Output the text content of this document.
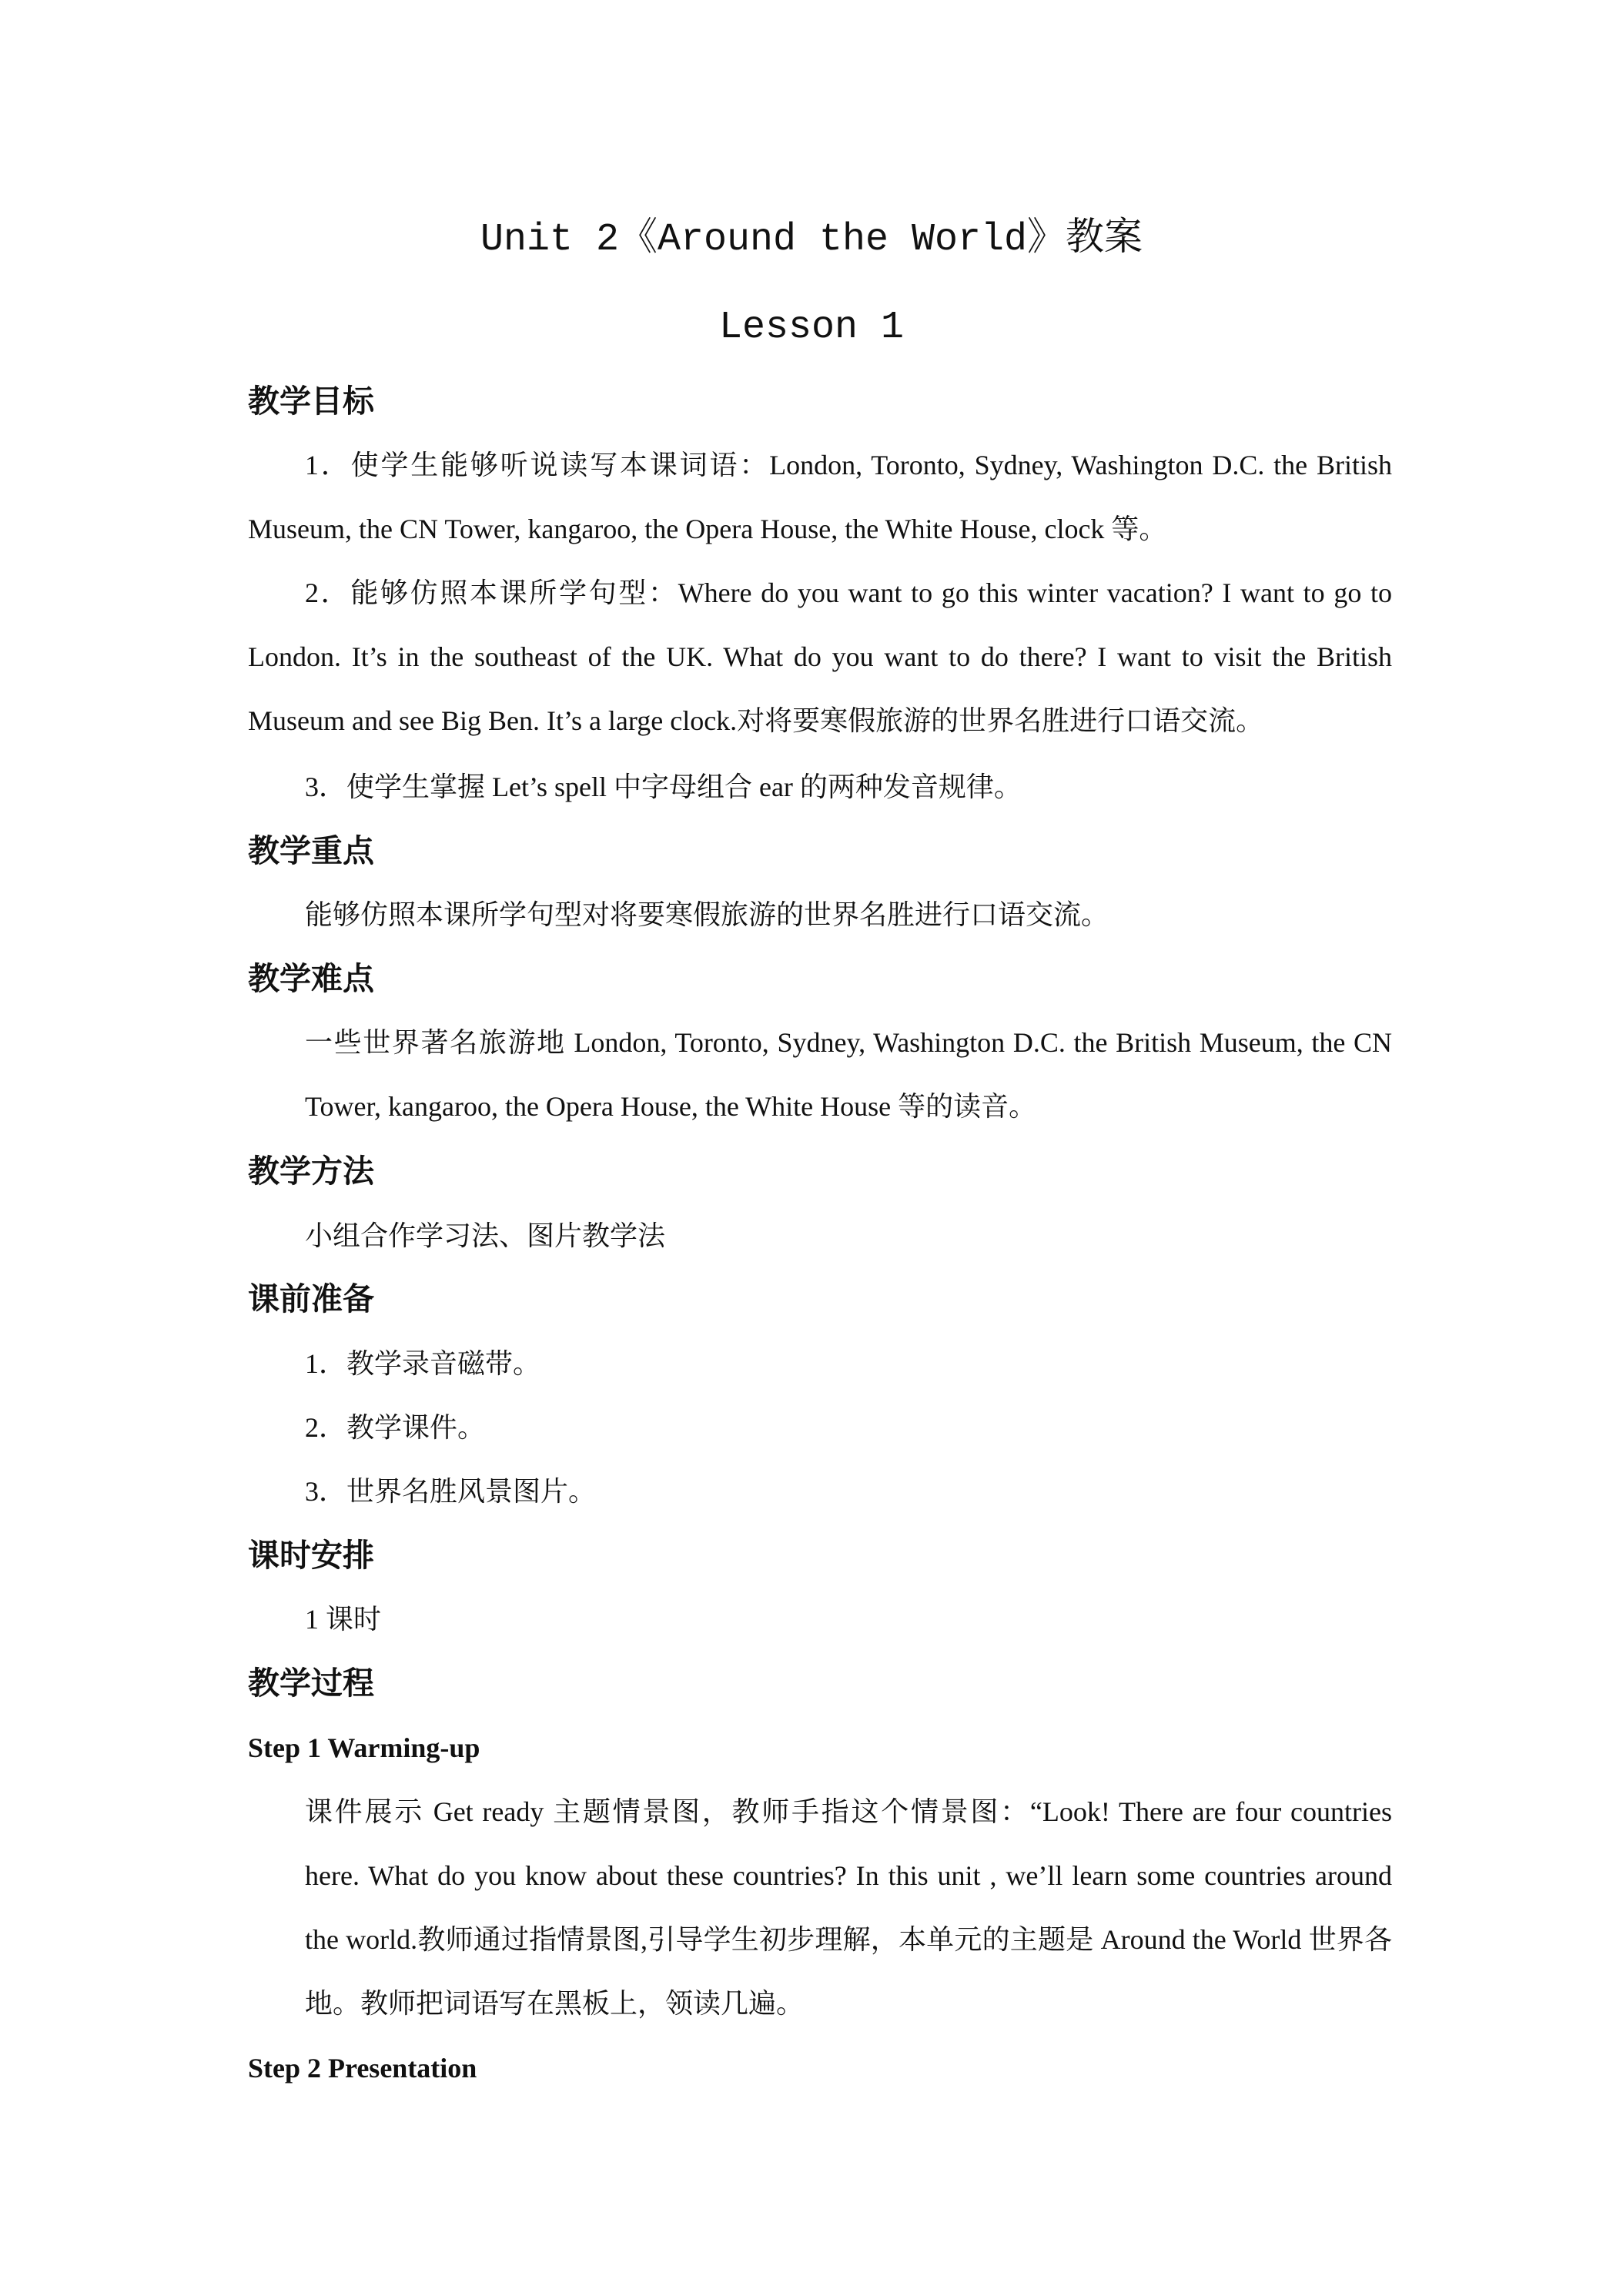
Unit 2《Around the World》教案
Lesson 1
教学目标
1．使学生能够听说读写本课词语：London, Toronto, Sydney, Washington D.C. the British Museum, the CN Tower, kangaroo, the Opera House, the White House, clock 等。
2．能够仿照本课所学句型：Where do you want to go this winter vacation? I want to go to London. It’s in the southeast of the UK. What do you want to do there? I want to visit the British Museum and see Big Ben. It’s a large clock.对将要寒假旅游的世界名胜进行口语交流。
3．使学生掌握 Let’s spell 中字母组合 ear 的两种发音规律。
教学重点
能够仿照本课所学句型对将要寒假旅游的世界名胜进行口语交流。
教学难点
一些世界著名旅游地 London, Toronto, Sydney, Washington D.C. the British Museum, the CN Tower, kangaroo, the Opera House, the White House 等的读音。
教学方法
小组合作学习法、图片教学法
课前准备
1．教学录音磁带。
2．教学课件。
3．世界名胜风景图片。
课时安排
1 课时
教学过程
Step 1 Warming-up
课件展示 Get ready 主题情景图，教师手指这个情景图：“Look! There are four countries here. What do you know about these countries? In this unit , we’ll learn some countries around the world.教师通过指情景图,引导学生初步理解，本单元的主题是 Around the World 世界各地。教师把词语写在黑板上，领读几遍。
Step 2 Presentation
